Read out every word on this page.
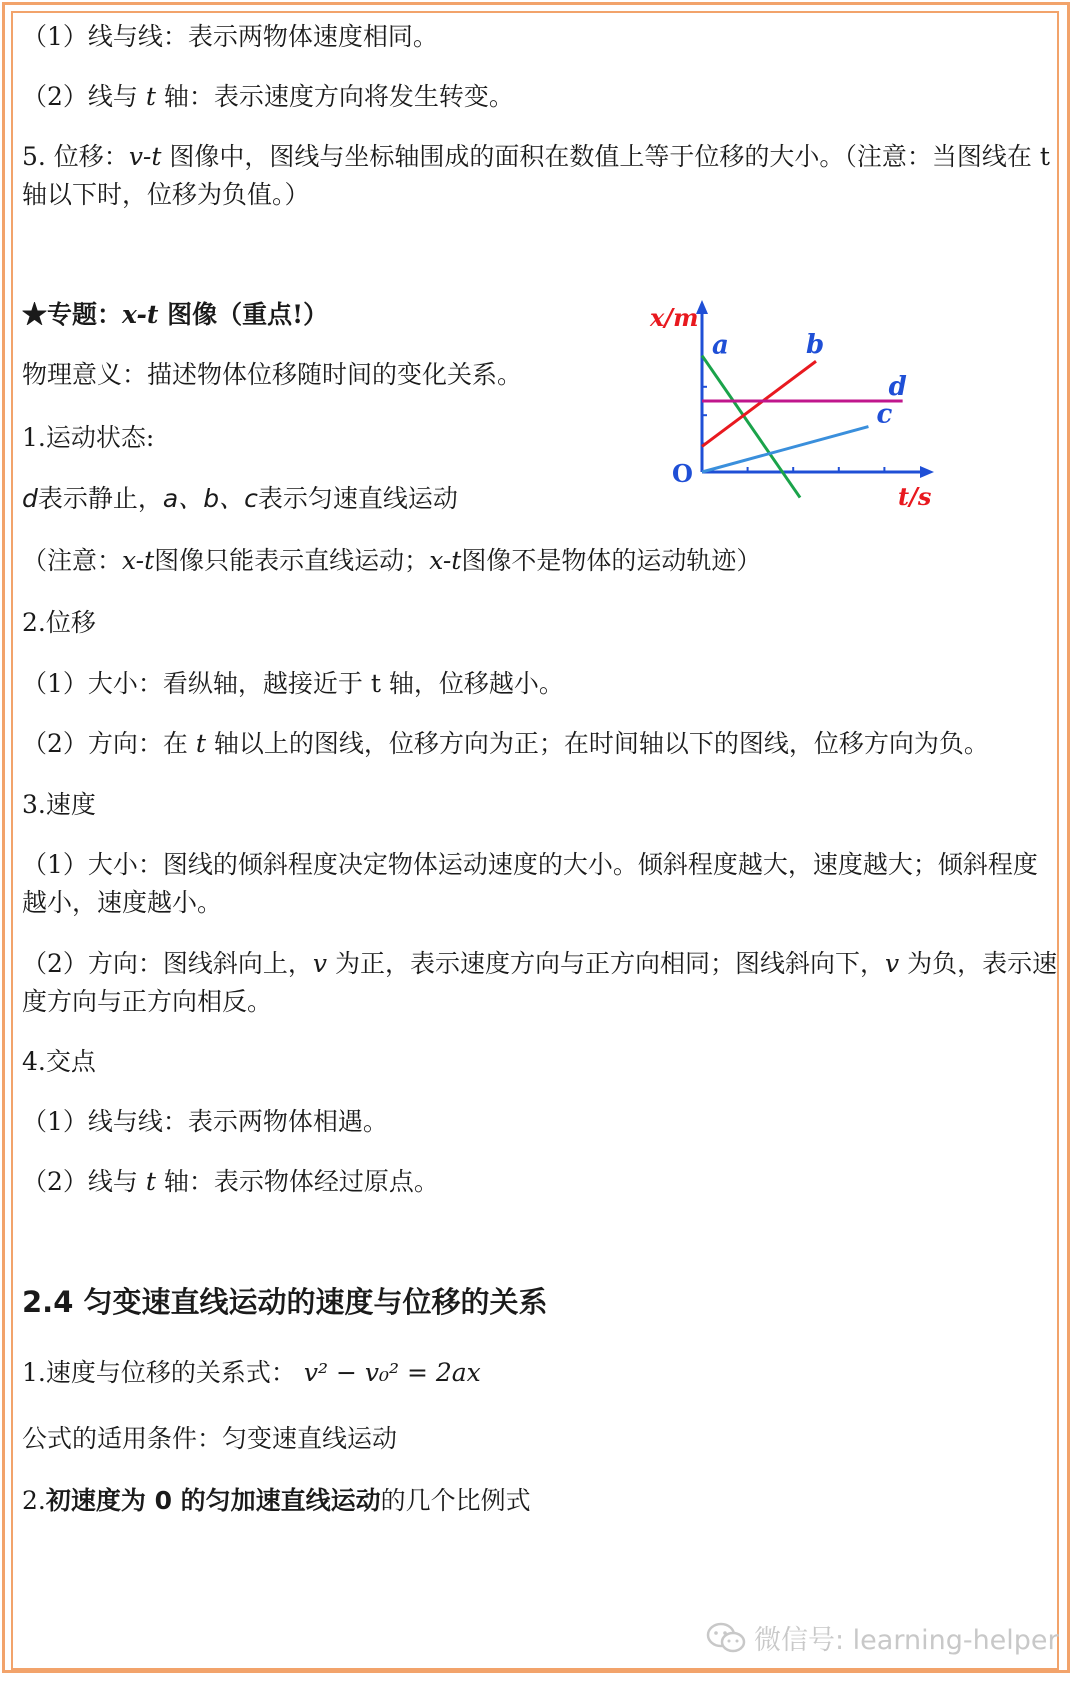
（1）线与线：表示两物体速度相同。
（2）线与 t 轴：表示速度方向将发生转变。
5. 位移：v-t 图像中，图线与坐标轴围成的面积在数值上等于位移的大小。（注意：当图线在 t 轴以下时，位移为负值。）
★专题：x-t 图像（重点!）
物理意义：描述物体位移随时间的变化关系。
1.运动状态:
d表示静止，a、b、c表示匀速直线运动
（注意：x-t图像只能表示直线运动；x-t图像不是物体的运动轨迹）
2.位移
（1）大小：看纵轴，越接近于 t 轴，位移越小。
（2）方向：在 t 轴以上的图线，位移方向为正；在时间轴以下的图线，位移方向为负。
3.速度
（1）大小：图线的倾斜程度决定物体运动速度的大小。倾斜程度越大，速度越大；倾斜程度越小，速度越小。
（2）方向：图线斜向上，v 为正，表示速度方向与正方向相同；图线斜向下，v 为负，表示速度方向与正方向相反。
4.交点
（1）线与线：表示两物体相遇。
（2）线与 t 轴：表示物体经过原点。
2.4 匀变速直线运动的速度与位移的关系
1.速度与位移的关系式： v² − v₀² = 2ax
公式的适用条件：匀变速直线运动
2.初速度为 0 的匀加速直线运动的几个比例式
a	b
c
d
x/m
t/s
O
微信号: learning-helper
